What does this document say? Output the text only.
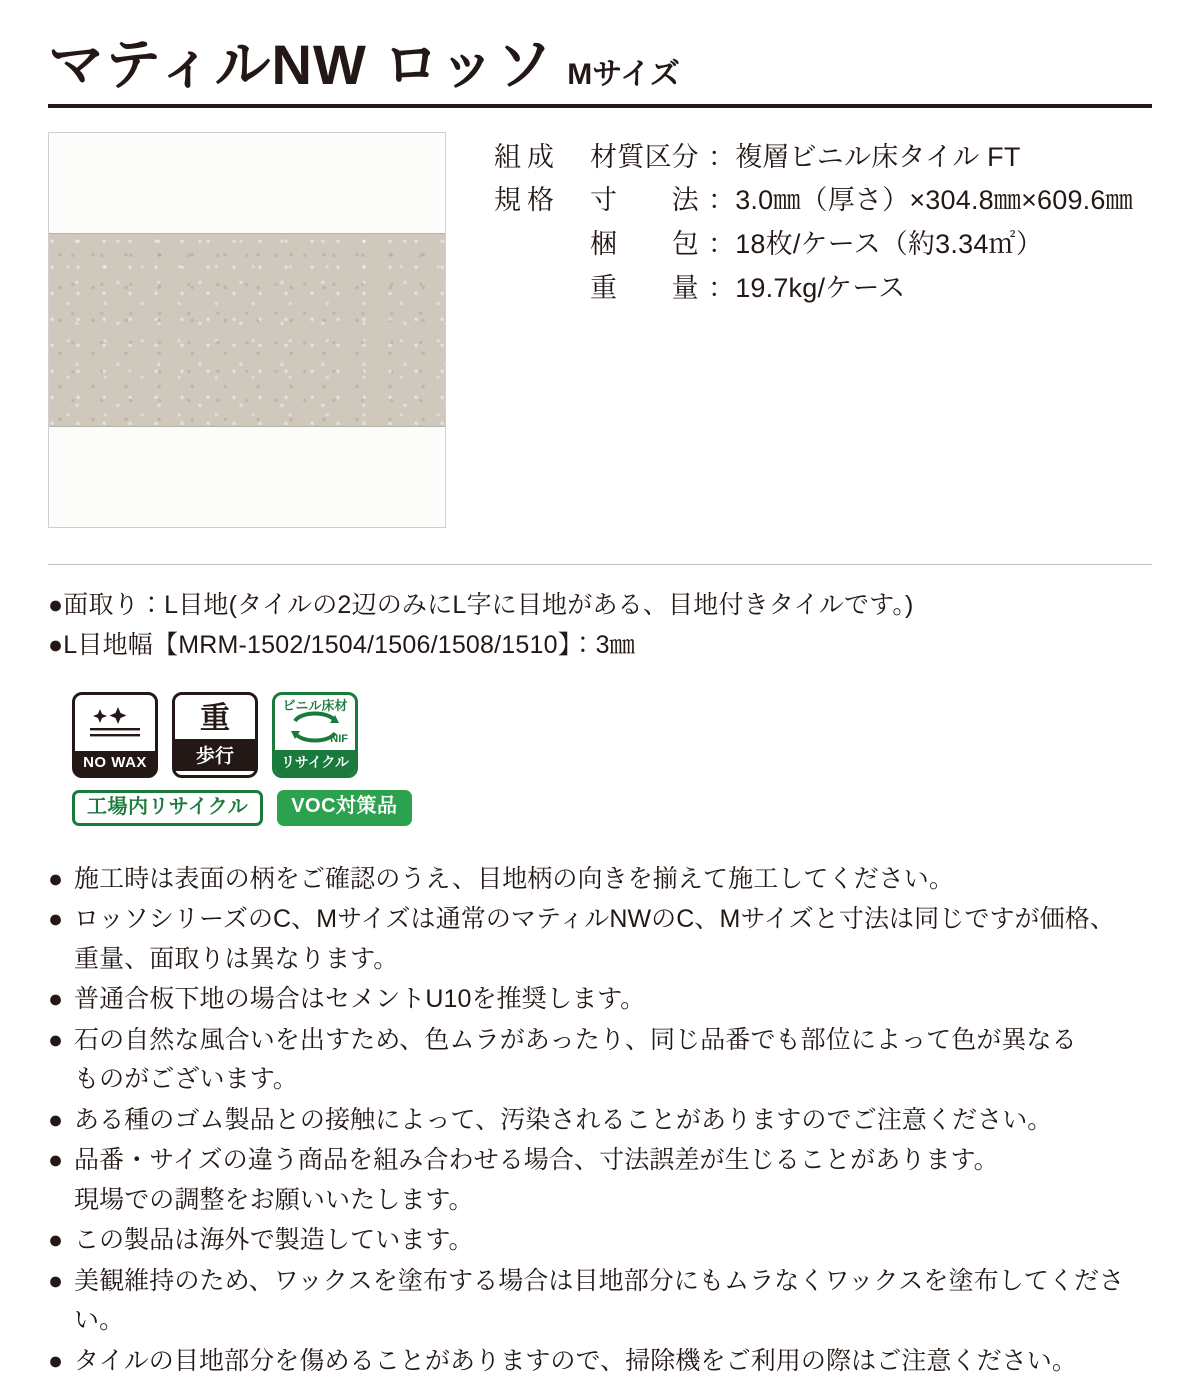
マティルNW ロッソ Mサイズ
組成	材質区分 ： 複層ビニル床タイル FT
規格	寸　　法 ： 3.0㎜（厚さ）×304.8㎜×609.6㎜
梱　　包 ： 18枚/ケース（約3.34㎡）
重　　量 ： 19.7kg/ケース
●面取り：L目地(タイルの2辺のみにL字に目地がある、目地付きタイルです。)
●L目地幅【MRM-1502/1504/1506/1508/1510】：3㎜
NO WAX
重
歩行
ビニル床材
NIF
リサイクル
工場内リサイクル	VOC対策品
● 施工時は表面の柄をご確認のうえ、目地柄の向きを揃えて施工してください。
● ロッソシリーズのC、Mサイズは通常のマティルNWのC、Mサイズと寸法は同じですが価格、
重量、面取りは異なります。
● 普通合板下地の場合はセメントU10を推奨します。
● 石の自然な風合いを出すため、色ムラがあったり、同じ品番でも部位によって色が異なる
ものがございます。
● ある種のゴム製品との接触によって、汚染されることがありますのでご注意ください。
● 品番・サイズの違う商品を組み合わせる場合、寸法誤差が生じることがあります。
現場での調整をお願いいたします。
● この製品は海外で製造しています。
● 美観維持のため、ワックスを塗布する場合は目地部分にもムラなくワックスを塗布してください。
● タイルの目地部分を傷めることがありますので、掃除機をご利用の際はご注意ください。
